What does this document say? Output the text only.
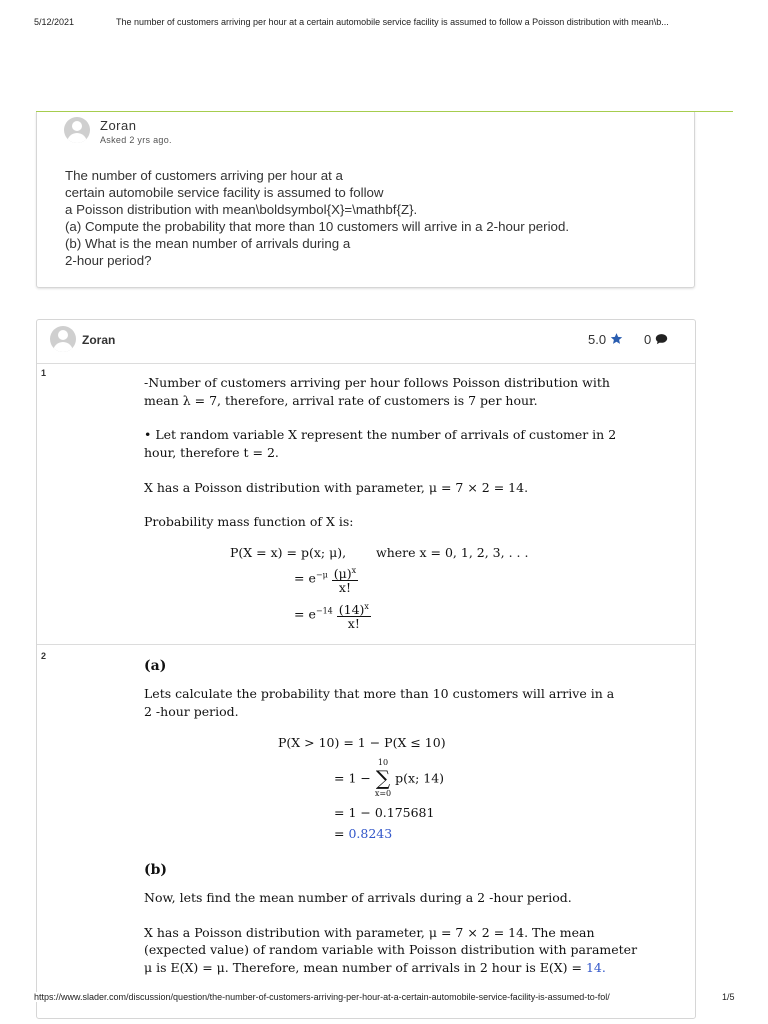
5/12/2021	The number of customers arriving per hour at a certain automobile service facility is assumed to follow a Poisson distribution with mean\b...
Zoran
Asked 2 yrs ago.
The number of customers arriving per hour at a
certain automobile service facility is assumed to follow
a Poisson distribution with mean\boldsymbol{X}=\mathbf{Z}.
(a) Compute the probability that more than 10 customers will arrive in a 2-hour period.
(b) What is the mean number of arrivals during a
2-hour period?
Zoran	5.0	0
1
-Number of customers arriving per hour follows Poisson distribution with
mean λ = 7, therefore, arrival rate of customers is 7 per hour.
• Let random variable X represent the number of arrivals of customer in 2
hour, therefore t = 2.
X has a Poisson distribution with parameter, μ = 7 × 2 = 14.
Probability mass function of X is:
P(X = x) = p(x; μ), where x = 0, 1, 2, 3, . . .
= $e^{-\mu} \frac{(\mu)^x}{x!}$
= $e^{-14} \frac{(14)^x}{x!}$
2
(a)
Lets calculate the probability that more than 10 customers will arrive in a
2 -hour period.
P(X > 10) = 1 − P(X ≤ 10)
= 1 −
10
∑
x=0
p(x; 14)
= 1 − 0.175681
= 0.8243
(b)
Now, lets find the mean number of arrivals during a 2 -hour period.
X has a Poisson distribution with parameter, μ = 7 × 2 = 14. The mean
(expected value) of random variable with Poisson distribution with parameter
μ is E(X) = μ. Therefore, mean number of arrivals in 2 hour is E(X) = 14.
https://www.slader.com/discussion/question/the-number-of-customers-arriving-per-hour-at-a-certain-automobile-service-facility-is-assumed-to-fol/	1/5
